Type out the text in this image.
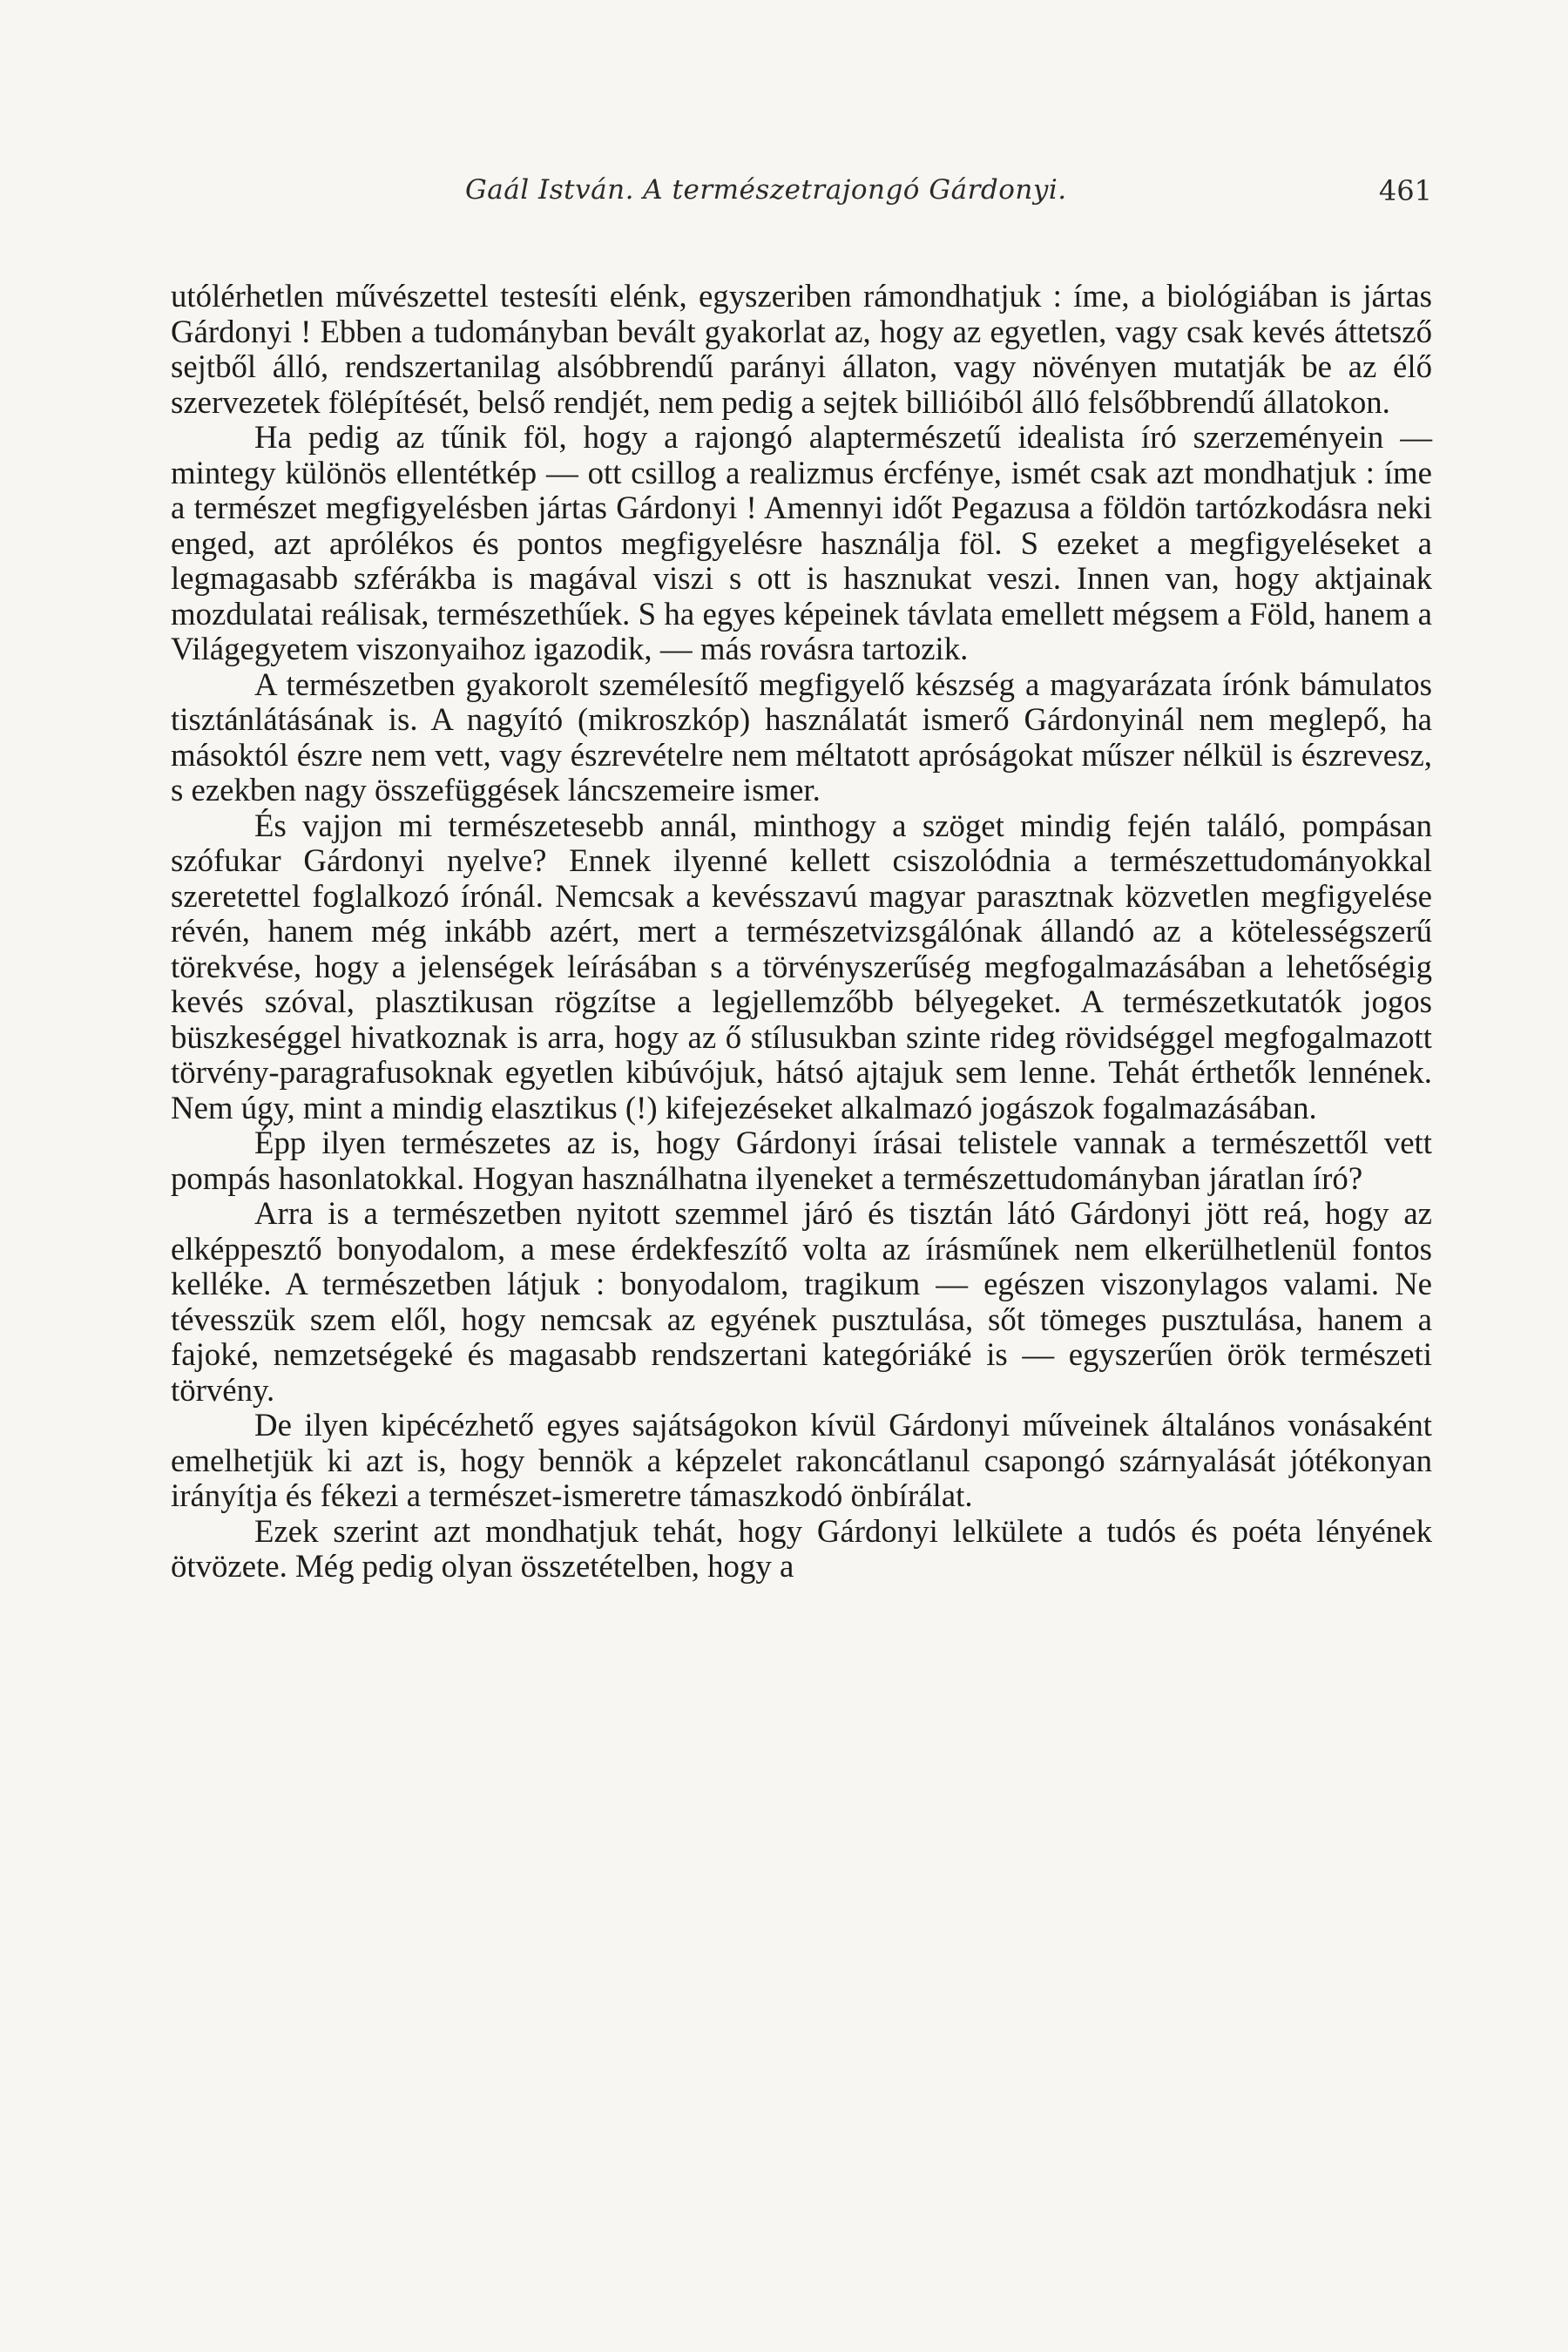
Gaál István. A természetrajongó Gárdonyi.	461

utólérhetlen művészettel testesíti elénk, egyszeriben rámondhatjuk : íme, a biológiában is jártas Gárdonyi ! Ebben a tudományban bevált gyakorlat az, hogy az egyetlen, vagy csak kevés áttetsző sejtből álló, rendszertanilag alsóbbrendű parányi állaton, vagy növényen mutatják be az élő szervezetek fölépítését, belső rendjét, nem pedig a sejtek billióiból álló felsőbbrendű állatokon.

Ha pedig az tűnik föl, hogy a rajongó alaptermészetű idealista író szerzeményein — mintegy különös ellentétkép — ott csillog a realizmus ércfénye, ismét csak azt mondhatjuk : íme a természet megfigyelésben jártas Gárdonyi ! Amennyi időt Pegazusa a földön tartózkodásra neki enged, azt aprólékos és pontos megfigyelésre használja föl. S ezeket a megfigyeléseket a legmagasabb szférákba is magával viszi s ott is hasznukat veszi. Innen van, hogy aktjainak mozdulatai reálisak, természethűek. S ha egyes képeinek távlata emellett mégsem a Föld, hanem a Világegyetem viszonyaihoz igazodik, — más rovásra tartozik.

A természetben gyakorolt személesítő megfigyelő készség a magyarázata írónk bámulatos tisztánlátásának is. A nagyító (mikroszkóp) használatát ismerő Gárdonyinál nem meglepő, ha másoktól észre nem vett, vagy észrevételre nem méltatott apróságokat műszer nélkül is észrevesz, s ezekben nagy összefüggések láncszemeire ismer.

És vajjon mi természetesebb annál, minthogy a szöget mindig fején találó, pompásan szófukar Gárdonyi nyelve? Ennek ilyenné kellett csiszolódnia a természettudományokkal szeretettel foglalkozó írónál. Nemcsak a kevésszavú magyar parasztnak közvetlen megfigyelése révén, hanem még inkább azért, mert a természetvizsgálónak állandó az a kötelességszerű törekvése, hogy a jelenségek leírásában s a törvényszerűség megfogalmazásában a lehetőségig kevés szóval, plasztikusan rögzítse a legjellemzőbb bélyegeket. A természetkutatók jogos büszkeséggel hivatkoznak is arra, hogy az ő stílusukban szinte rideg rövidséggel megfogalmazott törvény-paragrafusoknak egyetlen kibúvójuk, hátsó ajtajuk sem lenne. Tehát érthetők lennének. Nem úgy, mint a mindig elasztikus (!) kifejezéseket alkalmazó jogászok fogalmazásában.

Épp ilyen természetes az is, hogy Gárdonyi írásai telistele vannak a természettől vett pompás hasonlatokkal. Hogyan használhatna ilyeneket a természettudományban járatlan író?

Arra is a természetben nyitott szemmel járó és tisztán látó Gárdonyi jött reá, hogy az elképpesztő bonyodalom, a mese érdekfeszítő volta az írásműnek nem elkerülhetlenül fontos kelléke. A természetben látjuk : bonyodalom, tragikum — egészen viszonylagos valami. Ne tévesszük szem elől, hogy nemcsak az egyének pusztulása, sőt tömeges pusztulása, hanem a fajoké, nemzetségeké és magasabb rendszertani kategóriáké is — egyszerűen örök természeti törvény.

De ilyen kipécézhető egyes sajátságokon kívül Gárdonyi műveinek általános vonásaként emelhetjük ki azt is, hogy bennök a képzelet rakoncátlanul csapongó szárnyalását jótékonyan irányítja és fékezi a természet-ismeretre támaszkodó önbírálat.

Ezek szerint azt mondhatjuk tehát, hogy Gárdonyi lelkülete a tudós és poéta lényének ötvözete. Még pedig olyan összetételben, hogy a
